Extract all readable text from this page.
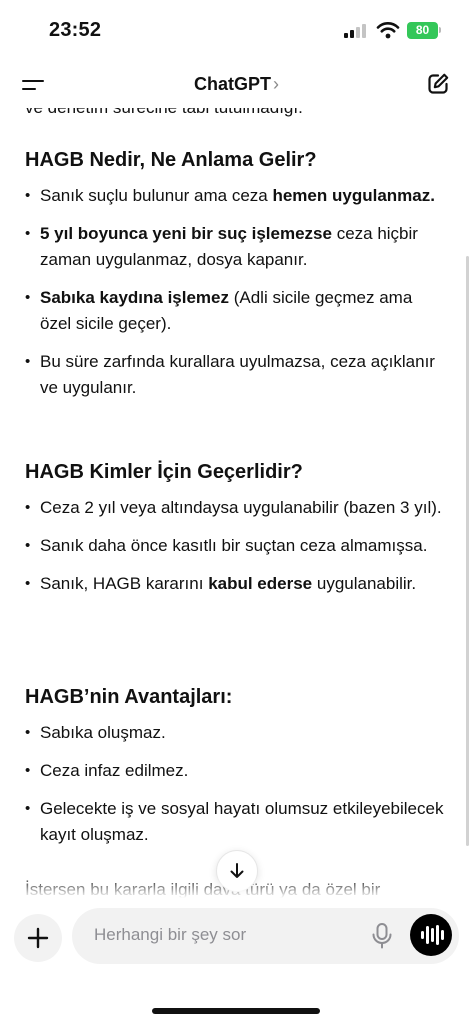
23:52	80
ChatGPT ›
HAGB Nedir, Ne Anlama Gelir?
• Sanık suçlu bulunur ama ceza hemen uygulanmaz.
• 5 yıl boyunca yeni bir suç işlemezse ceza hiçbir zaman uygulanmaz, dosya kapanır.
• Sabıka kaydına işlemez (Adli sicile geçmez ama özel sicile geçer).
• Bu süre zarfında kurallara uyulmazsa, ceza açıklanır ve uygulanır.
HAGB Kimler İçin Geçerlidir?
• Ceza 2 yıl veya altındaysa uygulanabilir (bazen 3 yıl).
• Sanık daha önce kasıtlı bir suçtan ceza almamışsa.
• Sanık, HAGB kararını kabul ederse uygulanabilir.
HAGB’nin Avantajları:
• Sabıka oluşmaz.
• Ceza infaz edilmez.
• Gelecekte iş ve sosyal hayatı olumsuz etkileyebilecek kayıt oluşmaz.
Herhangi bir şey sor
